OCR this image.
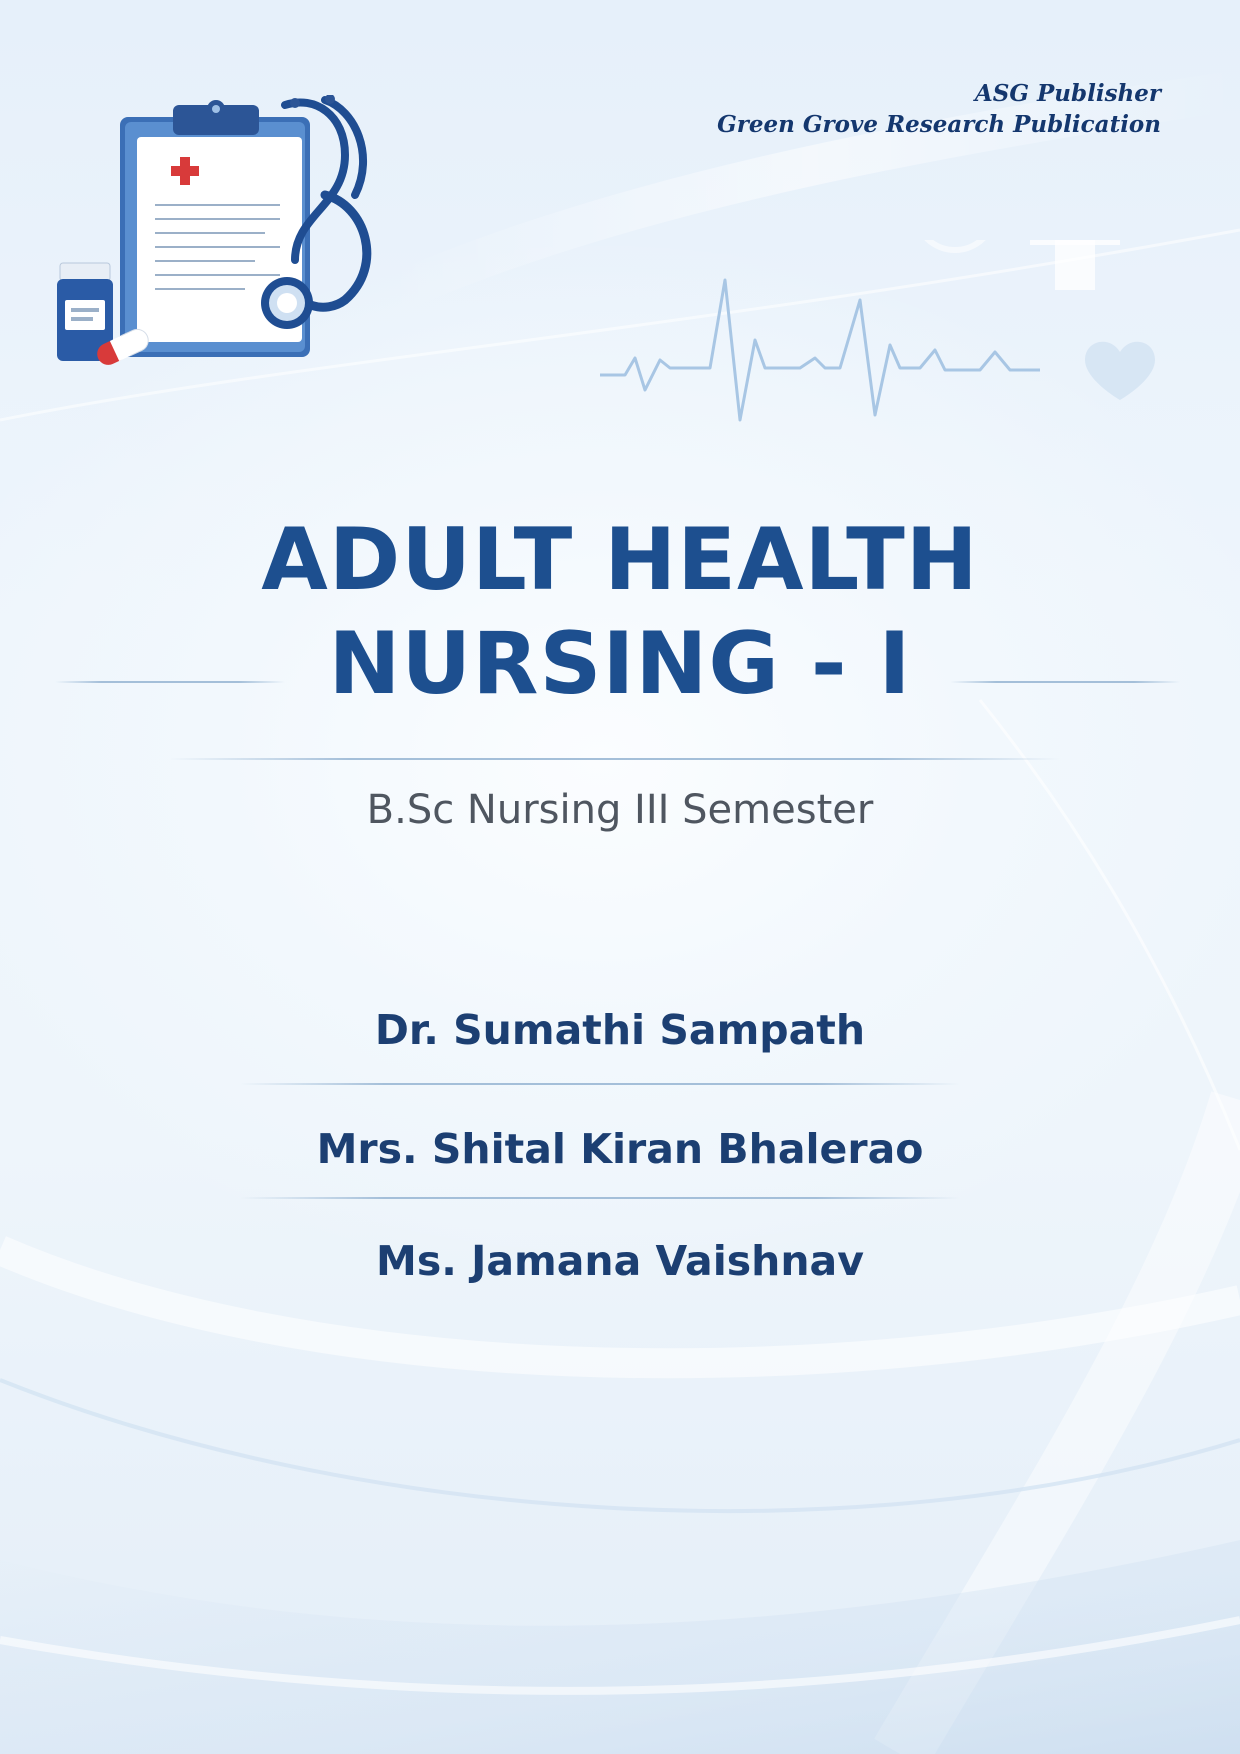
ASG Publisher
Green Grove Research Publication
ADULT HEALTH
NURSING - I
B.Sc Nursing III Semester
Dr. Sumathi Sampath
Mrs. Shital Kiran Bhalerao
Ms. Jamana Vaishnav
